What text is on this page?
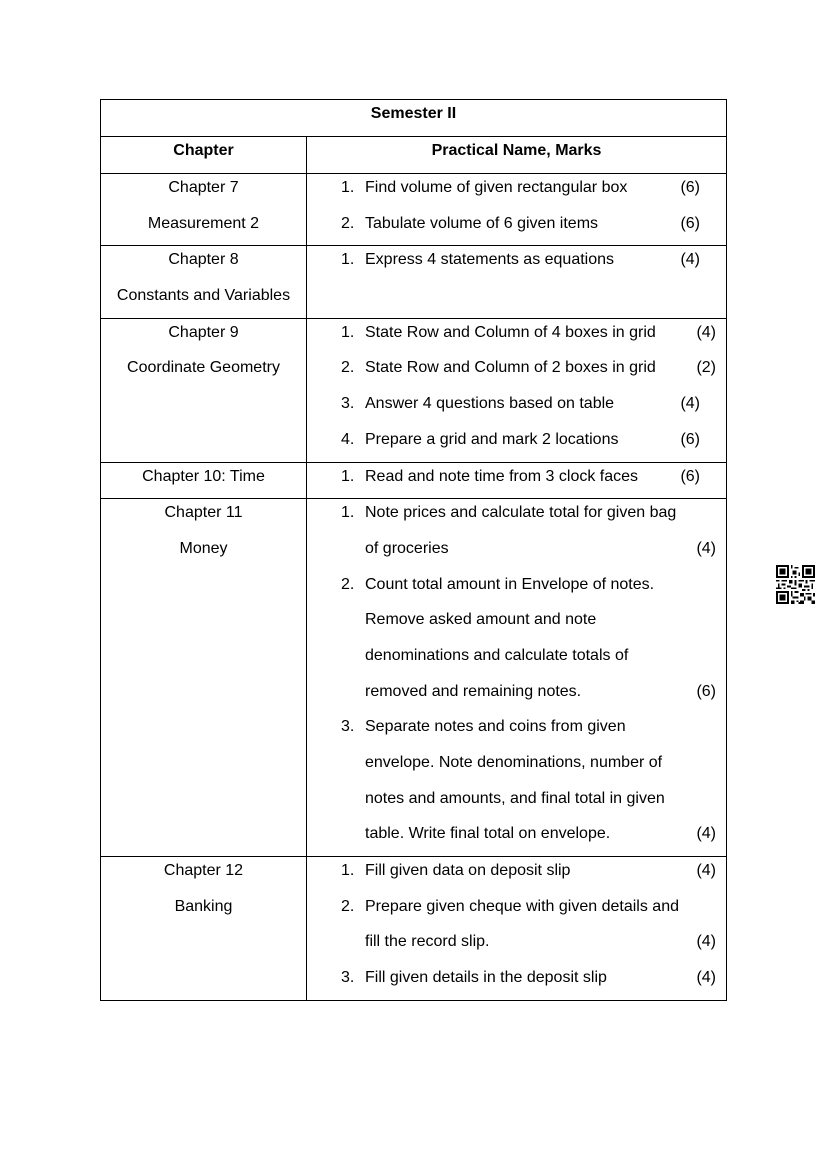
Semester II
Chapter	Practical Name, Marks
Chapter 7
Measurement 2
1. Find volume of given rectangular box	(6)
2. Tabulate volume of 6 given items	(6)
Chapter 8
Constants and Variables
1. Express 4 statements as equations	(4)
Chapter 9
Coordinate Geometry
1. State Row and Column of 4 boxes in grid	(4)
2. State Row and Column of 2 boxes in grid	(2)
3. Answer 4 questions based on table	(4)
4. Prepare a grid and mark 2 locations	(6)
Chapter 10: Time	1. Read and note time from 3 clock faces	(6)
Chapter 11
Money
1. Note prices and calculate total for given bag
of groceries	(4)
2. Count total amount in Envelope of notes.
Remove asked amount and note
denominations and calculate totals of
removed and remaining notes.	(6)
3. Separate notes and coins from given
envelope. Note denominations, number of
notes and amounts, and final total in given
table. Write final total on envelope.	(4)
Chapter 12
Banking
1. Fill given data on deposit slip	(4)
2. Prepare given cheque with given details and
fill the record slip.	(4)
3. Fill given details in the deposit slip	(4)
